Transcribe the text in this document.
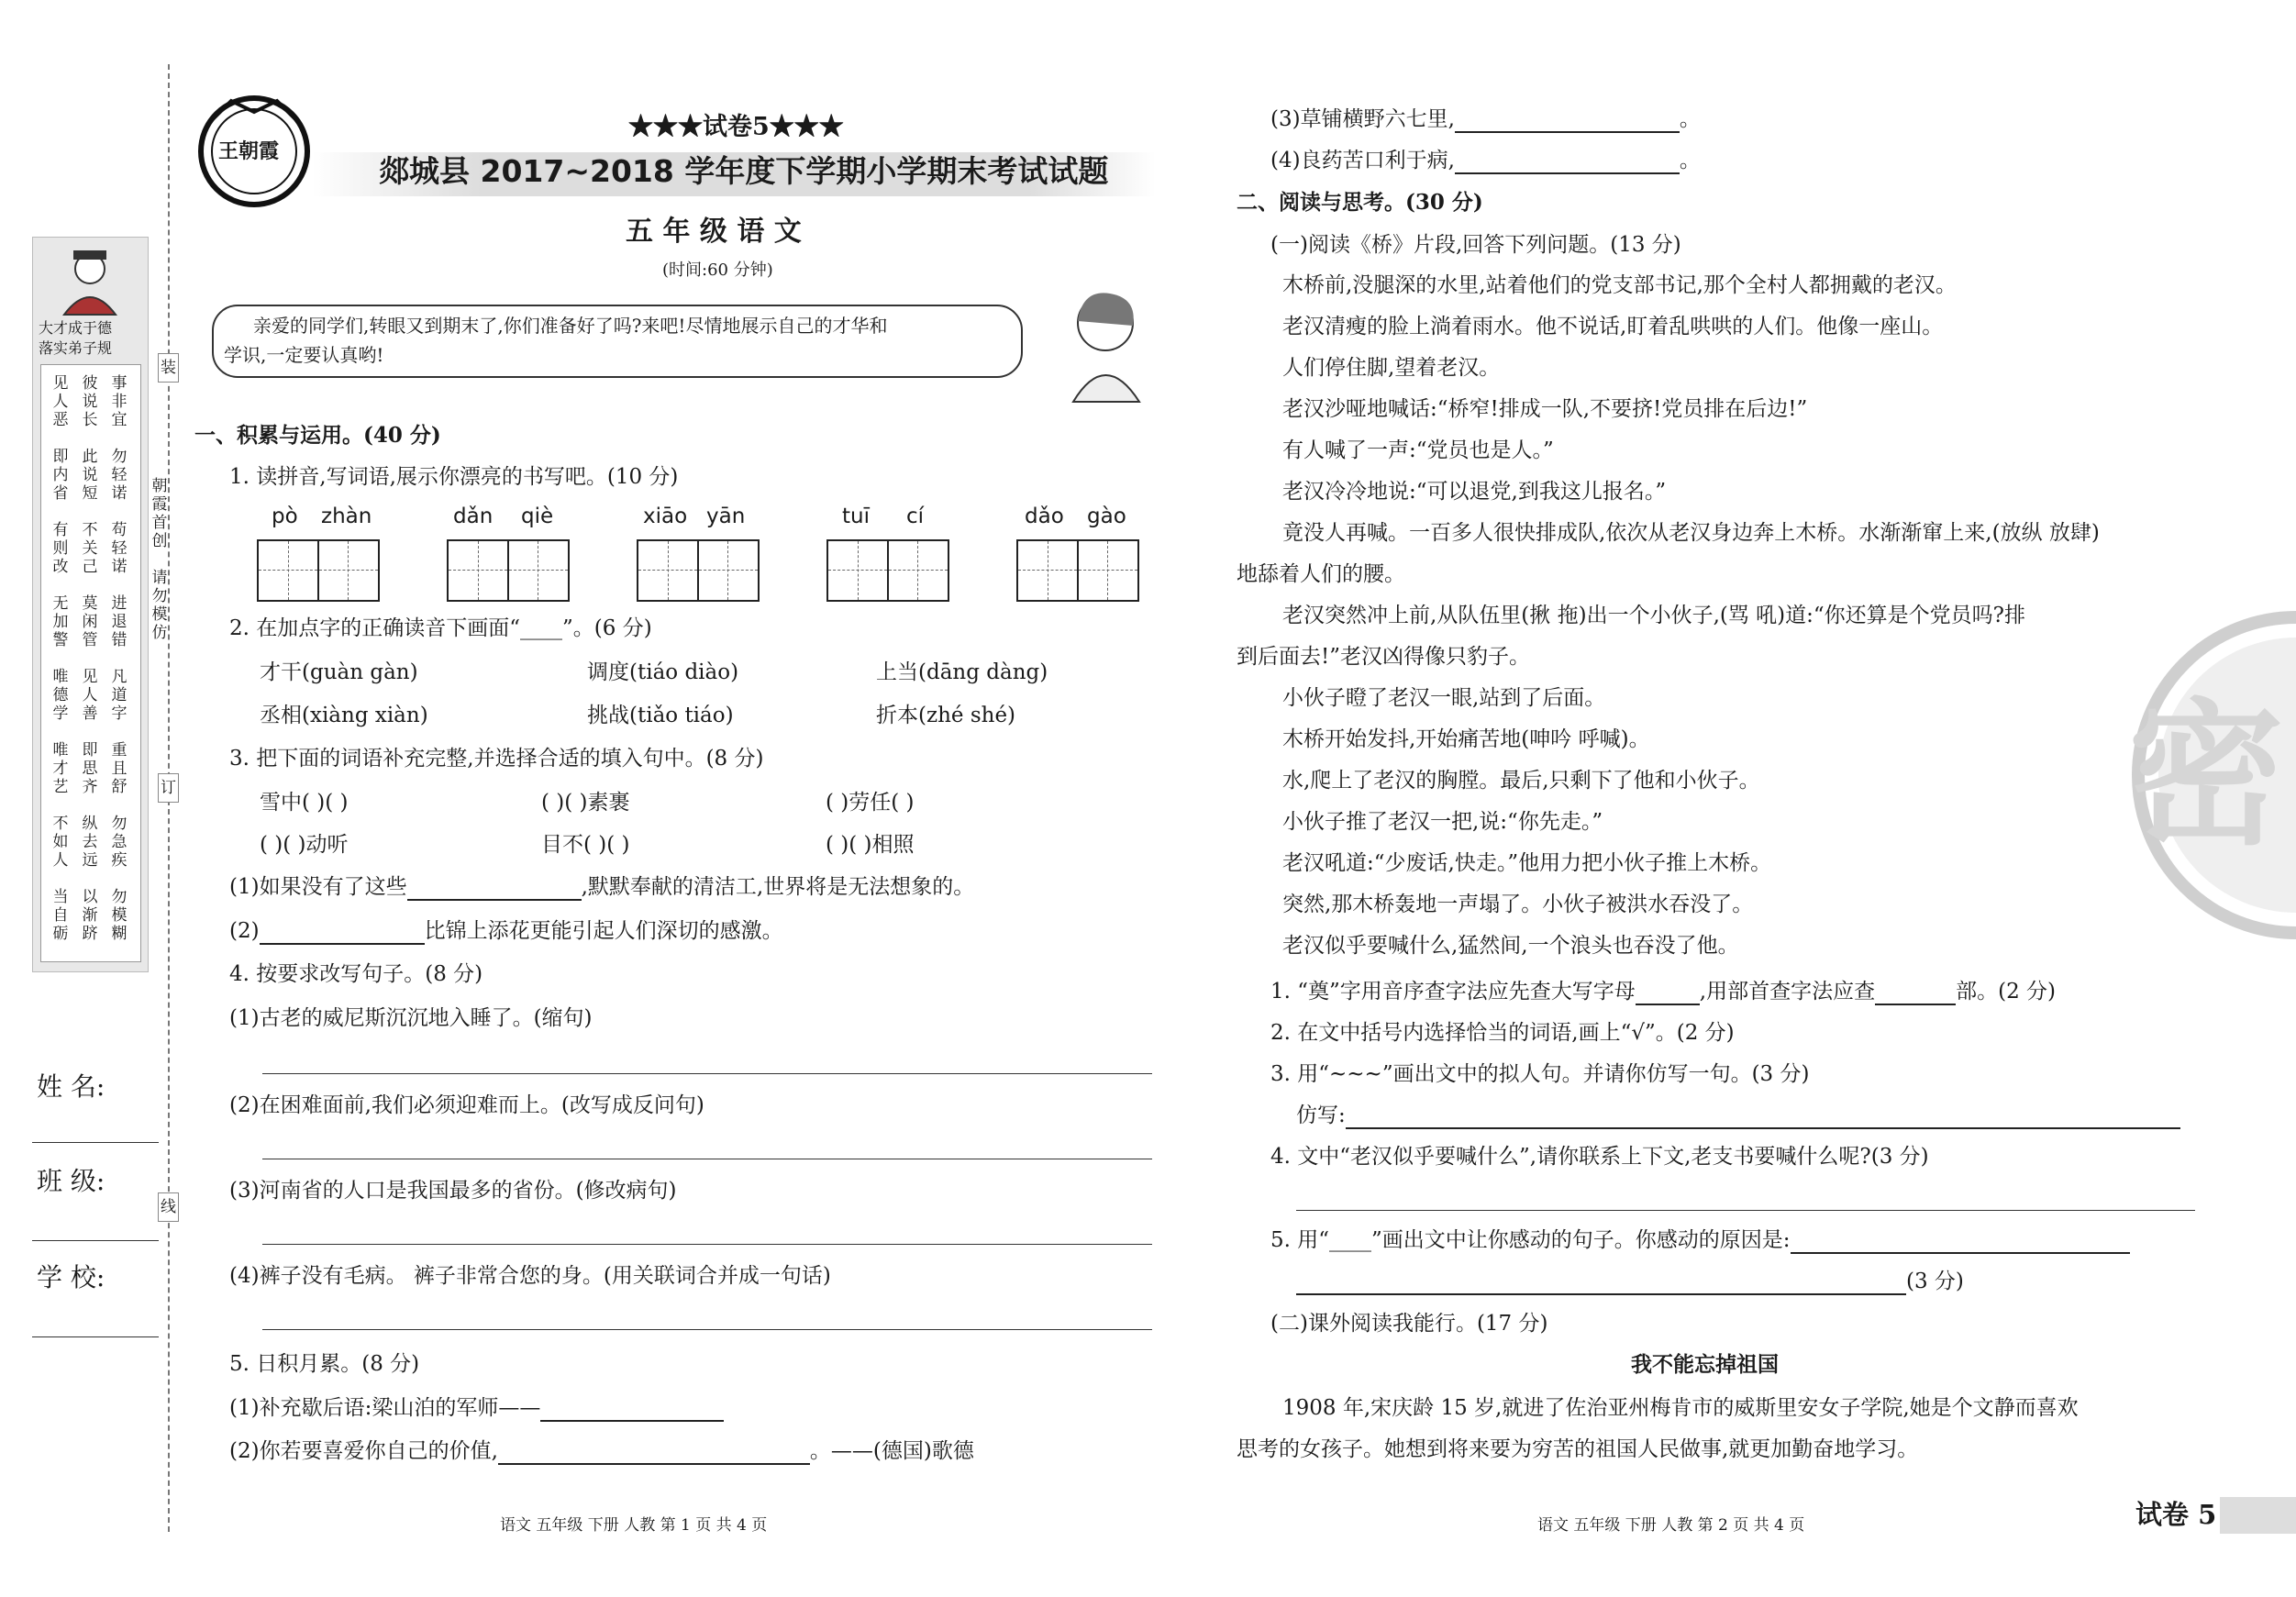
装
订
线
朝霞首创
请勿模仿
大才成于德
落实弟子规
见人恶
彼说长
事非宜
即内省
此说短
勿轻诺
有则改
不关己
苟轻诺
无加警
莫闲管
进退错
唯德学
见人善
凡道字
唯才艺
即思齐
重且舒
不如人
纵去远
勿急疾
当自砺
以渐跻
勿模糊
姓 名:
班 级:
学 校:
王朝霞
★★★试卷5★★★
郯城县 2017~2018 学年度下学期小学期末考试试题
五 年 级 语 文
(时间:60 分钟)
亲爱的同学们,转眼又到期末了,你们准备好了吗?来吧!尽情地展示自己的才华和
学识,一定要认真哟!
一、积累与运用。(40 分)
1. 读拼音,写词语,展示你漂亮的书写吧。(10 分)
pò zhàn	dǎn qiè	xiāo yān	tuī cí	dǎo gào
2. 在加点字的正确读音下画面“____”。(6 分)
才干(guàn gàn)	调度(tiáo diào)	上当(dāng dàng)
丞相(xiàng xiàn)	挑战(tiǎo tiáo)	折本(zhé shé)
3. 把下面的词语补充完整,并选择合适的填入句中。(8 分)
雪中( )( )	( )( )素裹	( )劳任( )
( )( )动听	目不( )( )	( )( )相照
(1)如果没有了这些	,默默奉献的清洁工,世界将是无法想象的。
(2)	比锦上添花更能引起人们深切的感激。
4. 按要求改写句子。(8 分)
(1)古老的威尼斯沉沉地入睡了。(缩句)
(2)在困难面前,我们必须迎难而上。(改写成反问句)
(3)河南省的人口是我国最多的省份。(修改病句)
(4)裤子没有毛病。 裤子非常合您的身。(用关联词合并成一句话)
5. 日积月累。(8 分)
(1)补充歇后语:梁山泊的军师——
(2)你若要喜爱你自己的价值,	。——(德国)歌德
语文 五年级 下册 人教 第 1 页 共 4 页
(3)草铺横野六七里,	。
(4)良药苦口利于病,	。
二、阅读与思考。(30 分)
(一)阅读《桥》片段,回答下列问题。(13 分)
木桥前,没腿深的水里,站着他们的党支部书记,那个全村人都拥戴的老汉。
老汉清瘦的脸上淌着雨水。他不说话,盯着乱哄哄的人们。他像一座山。
人们停住脚,望着老汉。
老汉沙哑地喊话:“桥窄!排成一队,不要挤!党员排在后边!”
有人喊了一声:“党员也是人。”
老汉冷冷地说:“可以退党,到我这儿报名。”
竟没人再喊。一百多人很快排成队,依次从老汉身边奔上木桥。水渐渐窜上来,(放纵 放肆)
地舔着人们的腰。
老汉突然冲上前,从队伍里(揪 拖)出一个小伙子,(骂 吼)道:“你还算是个党员吗?排
到后面去!”老汉凶得像只豹子。
小伙子瞪了老汉一眼,站到了后面。
木桥开始发抖,开始痛苦地(呻吟 呼喊)。
水,爬上了老汉的胸膛。最后,只剩下了他和小伙子。
小伙子推了老汉一把,说:“你先走。”
老汉吼道:“少废话,快走。”他用力把小伙子推上木桥。
突然,那木桥轰地一声塌了。小伙子被洪水吞没了。
老汉似乎要喊什么,猛然间,一个浪头也吞没了他。
1. “奠”字用音序查字法应先查大写字母	,用部首查字法应查	部。(2 分)
2. 在文中括号内选择恰当的词语,画上“√”。(2 分)
3. 用“~~~”画出文中的拟人句。并请你仿写一句。(3 分)
仿写:
4. 文中“老汉似乎要喊什么”,请你联系上下文,老支书要喊什么呢?(3 分)
5. 用“____”画出文中让你感动的句子。你感动的原因是:
(3 分)
(二)课外阅读我能行。(17 分)
我不能忘掉祖国
1908 年,宋庆龄 15 岁,就进了佐治亚州梅肯市的威斯里安女子学院,她是个文静而喜欢
思考的女孩子。她想到将来要为穷苦的祖国人民做事,就更加勤奋地学习。
语文 五年级 下册 人教 第 2 页 共 4 页	试卷 5
密
